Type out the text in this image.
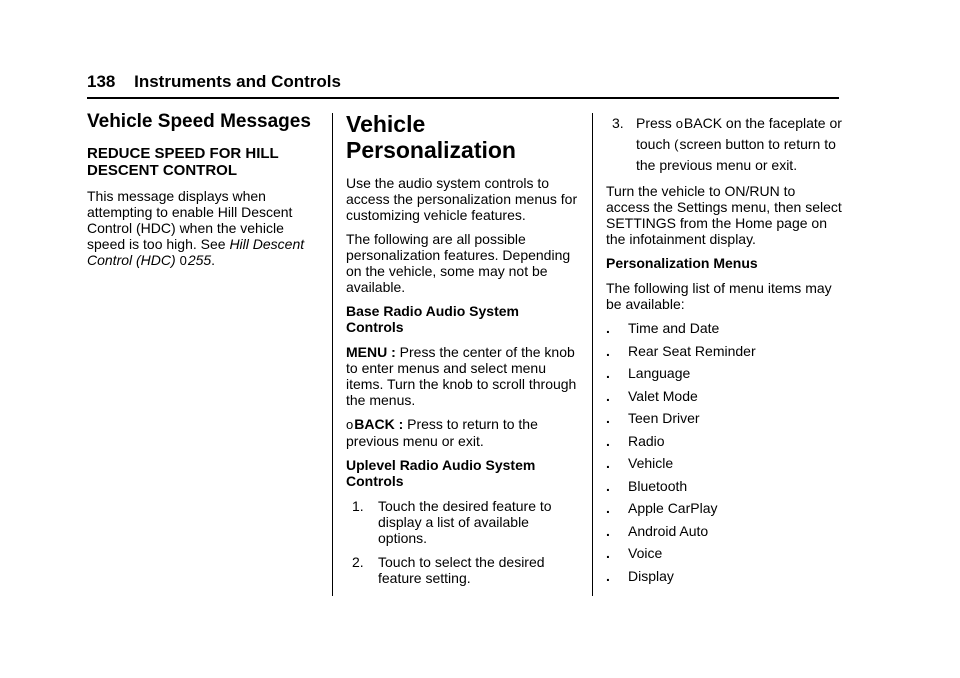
138 Instruments and Controls
Vehicle Speed Messages
REDUCE SPEED FOR HILL DESCENT CONTROL

This message displays when attempting to enable Hill Descent Control (HDC) when the vehicle speed is too high. See Hill Descent Control (HDC) 0255.

Vehicle Personalization

Use the audio system controls to access the personalization menus for customizing vehicle features.

The following are all possible personalization features. Depending on the vehicle, some may not be available.

Base Radio Audio System Controls

MENU : Press the center of the knob to enter menus and select menu items. Turn the knob to scroll through the menus.

oBACK : Press to return to the previous menu or exit.

Uplevel Radio Audio System Controls
1. Touch the desired feature to display a list of available options.
2. Touch to select the desired feature setting.
3. Press oBACK on the faceplate or touch (screen button to return to the previous menu or exit.

Turn the vehicle to ON/RUN to access the Settings menu, then select SETTINGS from the Home page on the infotainment display.

Personalization Menus

The following list of menu items may be available:

. Time and Date
. Rear Seat Reminder
. Language
. Valet Mode
. Teen Driver
. Radio
. Vehicle
. Bluetooth
. Apple CarPlay
. Android Auto
. Voice
. Display
